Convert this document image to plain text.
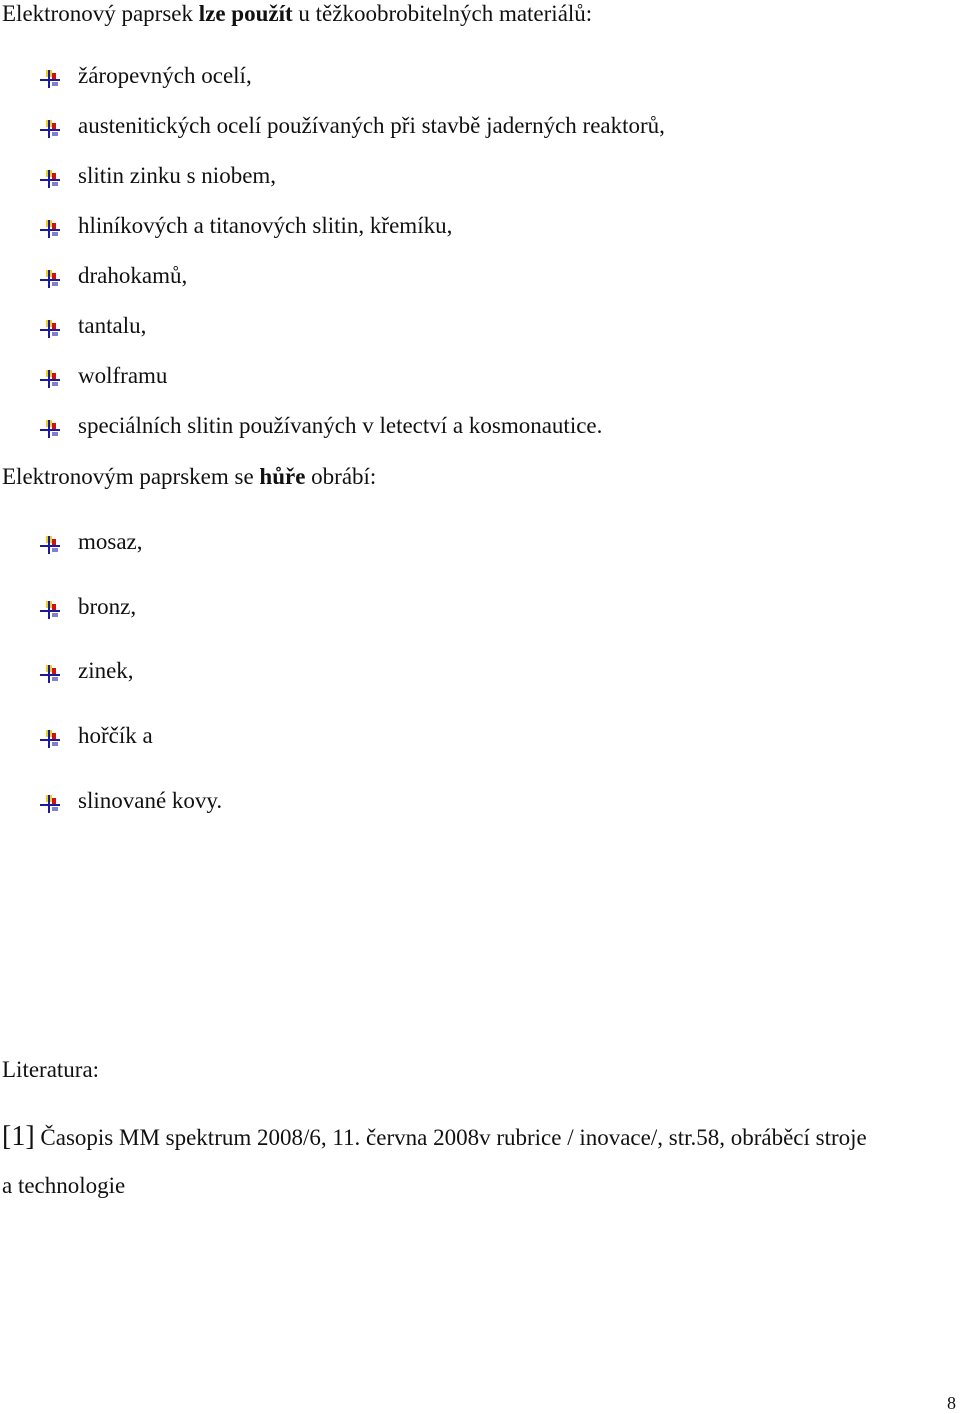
Elektronový paprsek lze použít u těžkoobrobitelných materiálů:
žáropevných ocelí,
austenitických ocelí používaných při stavbě jaderných reaktorů,
slitin zinku s niobem,
hliníkových a titanových slitin, křemíku,
drahokamů,
tantalu,
wolframu
speciálních slitin používaných v letectví a kosmonautice.
Elektronovým paprskem se hůře obrábí:
mosaz,
bronz,
zinek,
hořčík a
slinované kovy.
Literatura:
[1] Časopis MM spektrum 2008/6, 11. června 2008v rubrice / inovace/, str.58, obráběcí stroje
a technologie
8
